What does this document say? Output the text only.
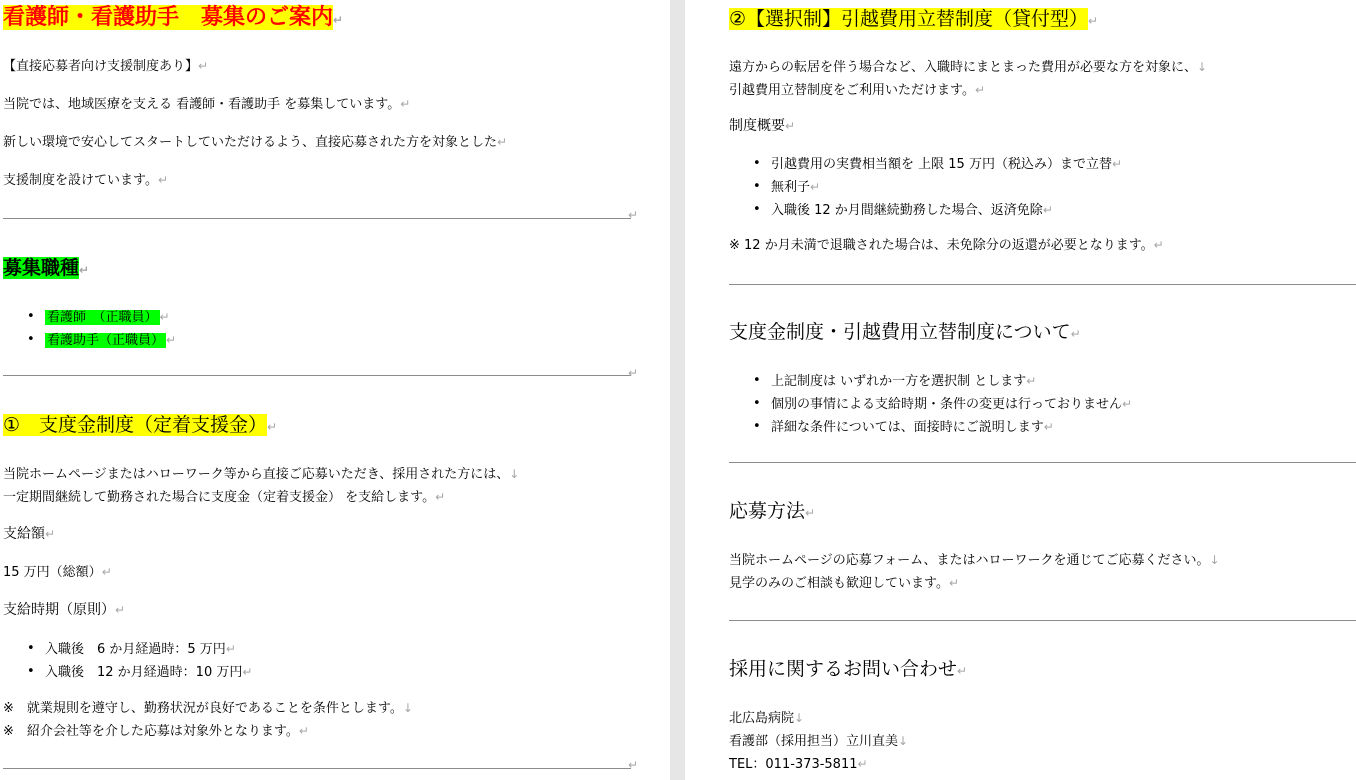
看護師・看護助手　募集のご案内↵
【直接応募者向け支援制度あり】↵
当院では、地域医療を支える 看護師・看護助手 を募集しています。↵
新しい環境で安心してスタートしていただけるよう、直接応募された方を対象とした↵
支援制度を設けています。↵
↵
募集職種↵
• 看護師　（正職員） ↵
• 看護助手（正職員） ↵
↵
①　支度金制度（定着支援金）↵
当院ホームページまたはハローワーク等から直接ご応募いただき、採用された方には、↓
一定期間継続して勤務された場合に支度金（定着支援金） を支給します。↵
支給額↵
15 万円（総額）↵
支給時期（原則）↵
• 入職後　6 か月経過時：5 万円↵
• 入職後　12 か月経過時：10 万円↵
※　就業規則を遵守し、勤務状況が良好であることを条件とします。↓
※　紹介会社等を介した応募は対象外となります。↵
↵
②【選択制】引越費用立替制度（貸付型）↵
遠方からの転居を伴う場合など、入職時にまとまった費用が必要な方を対象に、↓
引越費用立替制度をご利用いただけます。↵
制度概要↵
• 引越費用の実費相当額を 上限 15 万円（税込み）まで立替↵
• 無利子↵
• 入職後 12 か月間継続勤務した場合、返済免除↵
※ 12 か月未満で退職された場合は、未免除分の返還が必要となります。↵
支度金制度・引越費用立替制度について↵
• 上記制度は いずれか一方を選択制 とします↵
• 個別の事情による支給時期・条件の変更は行っておりません↵
• 詳細な条件については、面接時にご説明します↵
応募方法↵
当院ホームページの応募フォーム、またはハローワークを通じてご応募ください。↓
見学のみのご相談も歓迎しています。↵
採用に関するお問い合わせ↵
北広島病院↓
看護部（採用担当）立川直美↓
TEL：011-373-5811↵
